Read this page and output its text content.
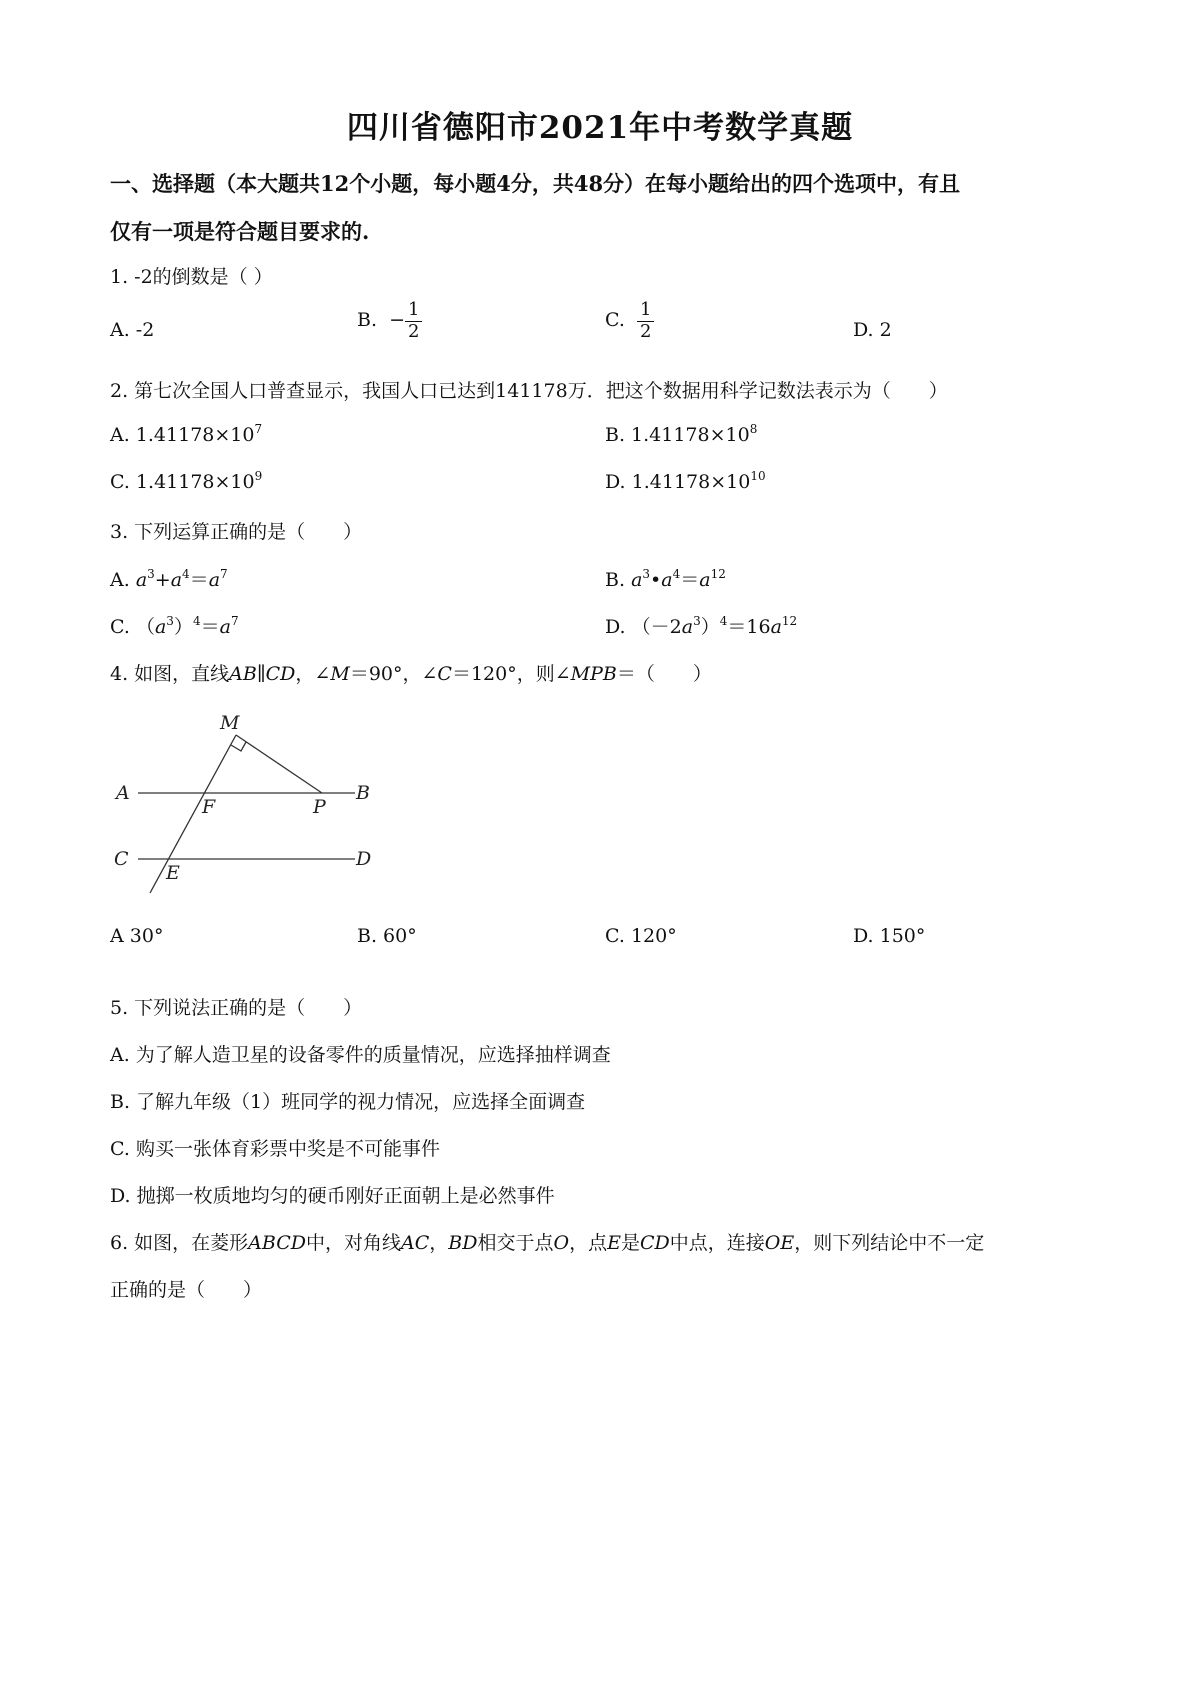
四川省德阳市2021年中考数学真题
一、选择题（本大题共12个小题，每小题4分，共48分）在每小题给出的四个选项中，有且
仅有一项是符合题目要求的.
1. -2的倒数是（ ）
A. -2	B. − $\frac{1}{2}$	C. $\frac{1}{2}$	D. 2
2. 第七次全国人口普查显示，我国人口已达到141178万．把这个数据用科学记数法表示为（　　）
A. $1.41178\times 10^7$	B. $1.41178\times 10^8$
C. $1.41178\times 10^9$	D. $1.41178\times 10^{10}$
3. 下列运算正确的是（　　）
A. $a^3+a^4=a^7$	B. $a^3•a^4=a^{12}$
C. $(a^3)^4=a^7$	D. $(-2a^3)^4=16a^{12}$
4. 如图，直线AB∥CD，∠M＝90°，∠C＝120°，则∠MPB＝（　　）
M
A
F	P
B
C
E
D
A 30°	B. 60°	C. 120°	D. 150°
5. 下列说法正确的是（　　）
A. 为了解人造卫星的设备零件的质量情况，应选择抽样调查
B. 了解九年级（1）班同学的视力情况，应选择全面调查
C. 购买一张体育彩票中奖是不可能事件
D. 抛掷一枚质地均匀的硬币刚好正面朝上是必然事件
6. 如图，在菱形ABCD中，对角线AC，BD相交于点O，点E是CD中点，连接OE，则下列结论中不一定
正确的是（　　）
